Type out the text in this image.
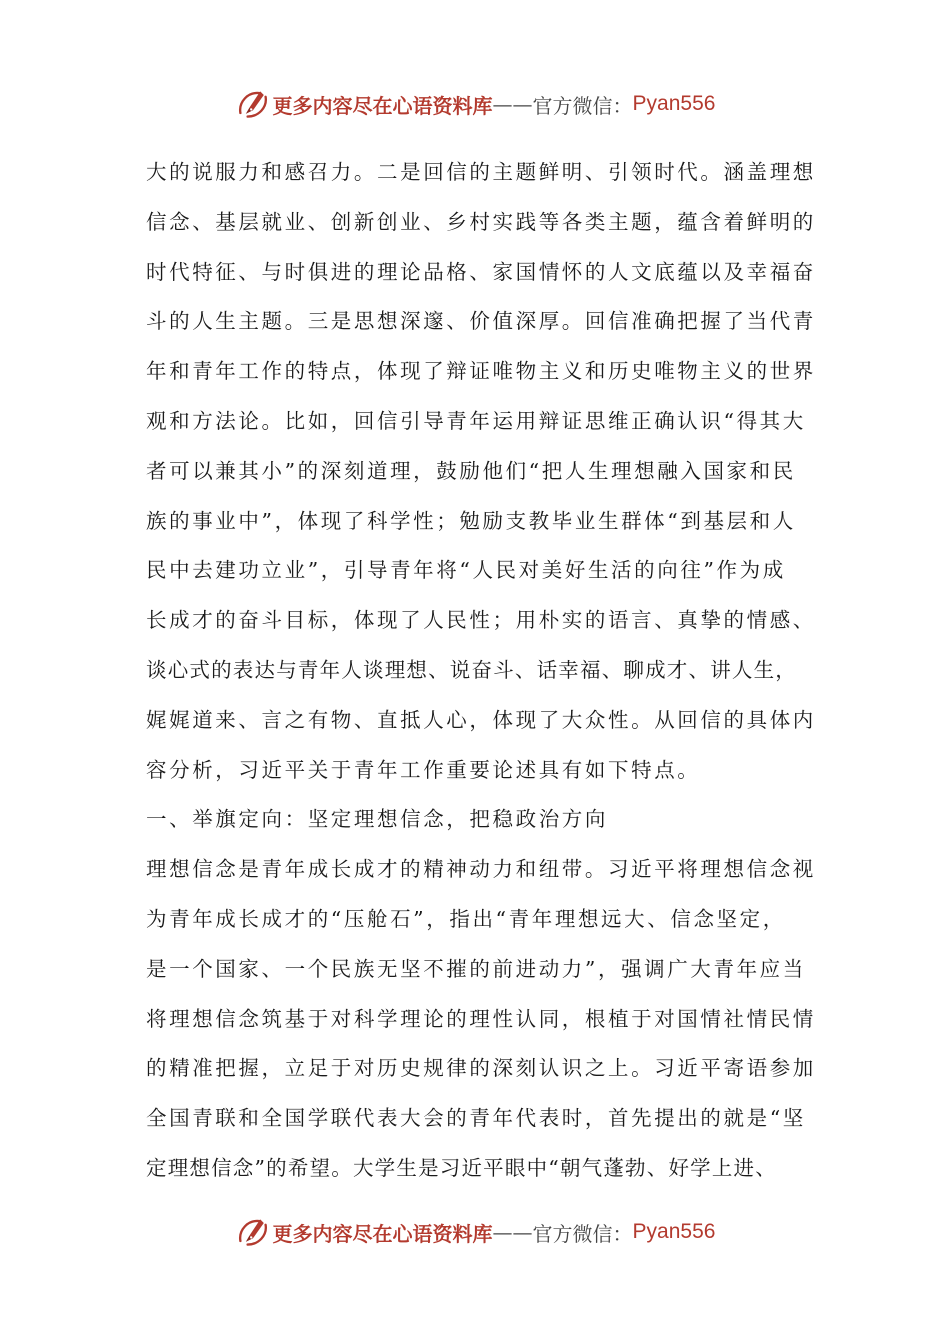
更多内容尽在心语资料库 —— 官方微信： Pyan556
大的说服力和感召力。二是回信的主题鲜明、引领时代。涵盖理想
信念、基层就业、创新创业、乡村实践等各类主题，蕴含着鲜明的
时代特征、与时俱进的理论品格、家国情怀的人文底蕴以及幸福奋
斗的人生主题。三是思想深邃、价值深厚。回信准确把握了当代青
年和青年工作的特点，体现了辩证唯物主义和历史唯物主义的世界
观和方法论。比如，回信引导青年运用辩证思维正确认识“得其大
者可以兼其小”的深刻道理，鼓励他们“把人生理想融入国家和民
族的事业中”，体现了科学性；勉励支教毕业生群体“到基层和人
民中去建功立业”，引导青年将“人民对美好生活的向往”作为成
长成才的奋斗目标，体现了人民性；用朴实的语言、真挚的情感、
谈心式的表达与青年人谈理想、说奋斗、话幸福、聊成才、讲人生，
娓娓道来、言之有物、直抵人心，体现了大众性。从回信的具体内
容分析，习近平关于青年工作重要论述具有如下特点。
一、举旗定向：坚定理想信念，把稳政治方向
理想信念是青年成长成才的精神动力和纽带。习近平将理想信念视
为青年成长成才的“压舱石”，指出“青年理想远大、信念坚定，
是一个国家、一个民族无坚不摧的前进动力”，强调广大青年应当
将理想信念筑基于对科学理论的理性认同，根植于对国情社情民情
的精准把握，立足于对历史规律的深刻认识之上。习近平寄语参加
全国青联和全国学联代表大会的青年代表时，首先提出的就是“坚
定理想信念”的希望。大学生是习近平眼中“朝气蓬勃、好学上进、
更多内容尽在心语资料库 —— 官方微信： Pyan556
